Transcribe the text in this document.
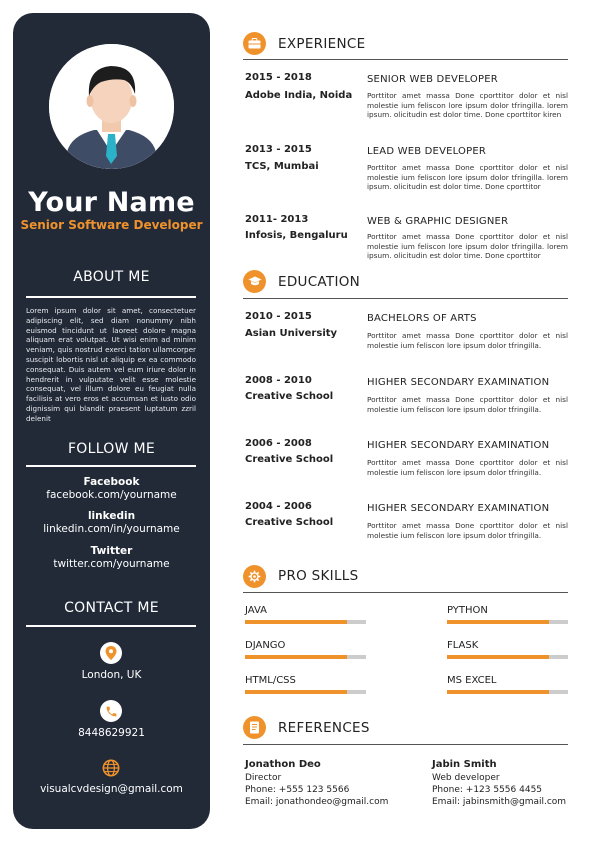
Your Name
Senior Software Developer
ABOUT ME
Lorem ipsum dolor sit amet, consectetuer adipiscing elit, sed diam nonummy nibh euismod tincidunt ut laoreet dolore magna aliquam erat volutpat. Ut wisi enim ad minim veniam, quis nostrud exerci tation ullamcorper suscipit lobortis nisl ut aliquip ex ea commodo consequat. Duis autem vel eum iriure dolor in hendrerit in vulputate velit esse molestie consequat, vel illum dolore eu feugiat nulla facilisis at vero eros et accumsan et iusto odio dignissim qui blandit praesent luptatum zzril delenit
FOLLOW ME
Facebook
facebook.com/yourname
linkedin
linkedin.com/in/yourname
Twitter
twitter.com/yourname
CONTACT ME
London, UK
8448629921
visualcvdesign@gmail.com
EXPERIENCE
2015 - 2018
Adobe India, Noida
SENIOR WEB DEVELOPER
Porttitor amet massa Done cporttitor dolor et nisl molestie ium feliscon lore ipsum dolor tfringilla. lorem ipsum. olicitudin est dolor time. Done cporttitor kiren
2013 - 2015
TCS, Mumbai
LEAD WEB DEVELOPER
Porttitor amet massa Done cporttitor dolor et nisl molestie ium feliscon lore ipsum dolor tfringilla. lorem ipsum. olicitudin est dolor time. Done cporttitor
2011- 2013
Infosis, Bengaluru
WEB & GRAPHIC DESIGNER
Porttitor amet massa Done cporttitor dolor et nisl molestie ium feliscon lore ipsum dolor tfringilla. lorem ipsum. olicitudin est dolor time. Done cporttitor
EDUCATION
2010 - 2015
Asian University
BACHELORS OF ARTS
Porttitor amet massa Done cporttitor dolor et nisl molestie ium feliscon lore ipsum dolor tfringilla.
2008 - 2010
Creative School
HIGHER SECONDARY EXAMINATION
Porttitor amet massa Done cporttitor dolor et nisl molestie ium feliscon lore ipsum dolor tfringilla.
2006 - 2008
Creative School
HIGHER SECONDARY EXAMINATION
Porttitor amet massa Done cporttitor dolor et nisl molestie ium feliscon lore ipsum dolor tfringilla.
2004 - 2006
Creative School
HIGHER SECONDARY EXAMINATION
Porttitor amet massa Done cporttitor dolor et nisl molestie ium feliscon lore ipsum dolor tfringilla.
PRO SKILLS
JAVA	PYTHON
DJANGO	FLASK
HTML/CSS	MS EXCEL
REFERENCES
Jonathon Deo
Director
Phone: +555 123 5566
Email: jonathondeo@gmail.com
Jabin Smith
Web developer
Phone: +123 5556 4455
Email: jabinsmith@gmail.com
